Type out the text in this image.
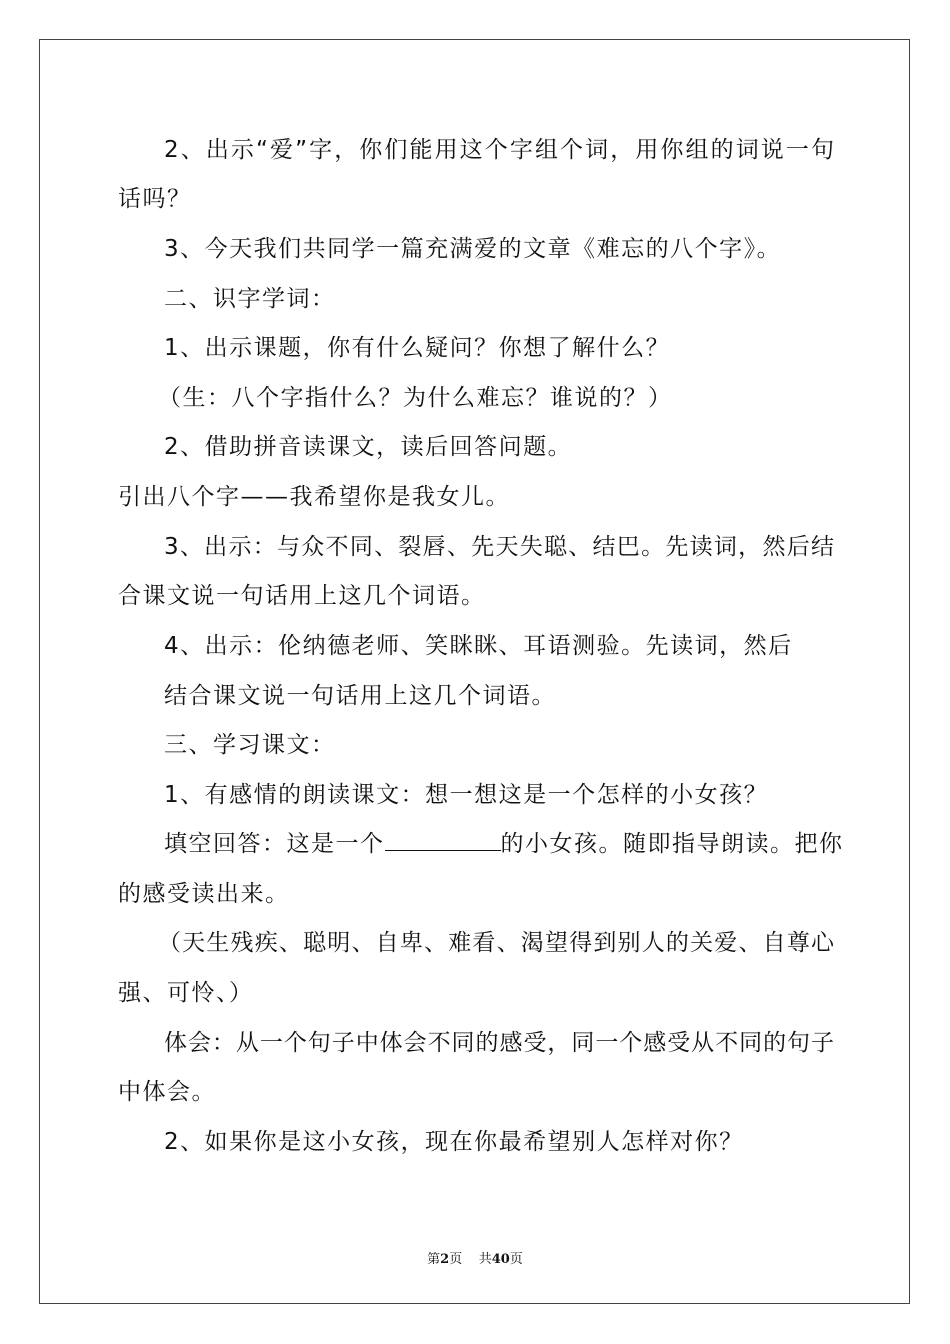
2、出示“爱”字，你们能用这个字组个词，用你组的词说一句
话吗？
3、今天我们共同学一篇充满爱的文章《难忘的八个字》。
二、识字学词：
1、出示课题，你有什么疑问？你想了解什么？
（生：八个字指什么？为什么难忘？谁说的？）
2、借助拼音读课文，读后回答问题。
引出八个字——我希望你是我女儿。
3、出示：与众不同、裂唇、先天失聪、结巴。先读词，然后结
合课文说一句话用上这几个词语。
4、出示：伦纳德老师、笑眯眯、耳语测验。先读词，然后
结合课文说一句话用上这几个词语。
三、学习课文：
1、有感情的朗读课文：想一想这是一个怎样的小女孩？
填空回答：这是一个	的小女孩。随即指导朗读。把你
的感受读出来。
（天生残疾、聪明、自卑、难看、渴望得到别人的关爱、自尊心
强、可怜、）
体会：从一个句子中体会不同的感受，同一个感受从不同的句子
中体会。
2、如果你是这小女孩，现在你最希望别人怎样对你？
第2页 共40页
